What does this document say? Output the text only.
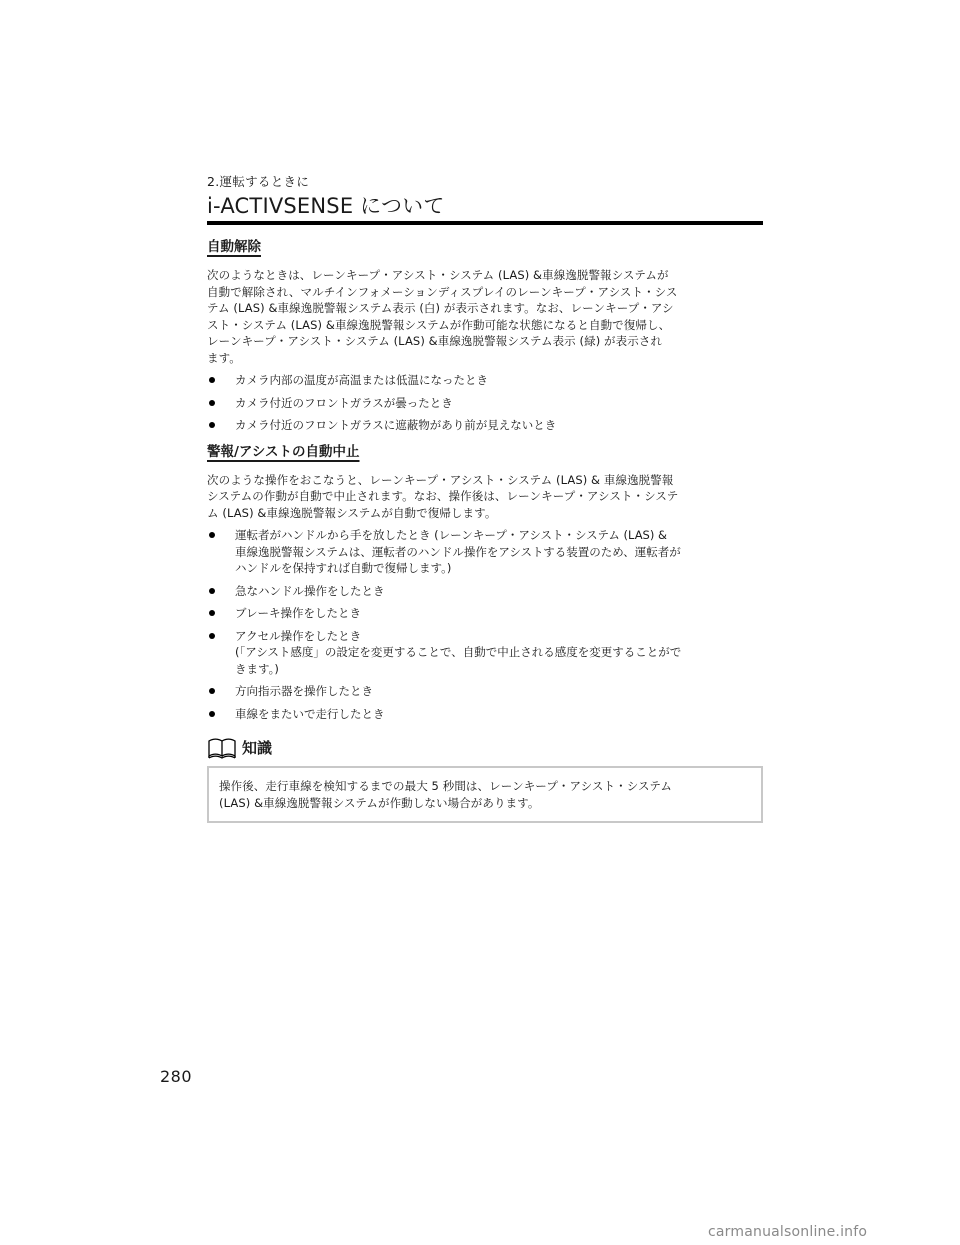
2.運転するときに

i-ACTIVSENSE について
自動解除

次のようなときは、レーンキープ・アシスト・システム (LAS) &車線逸脱警報システムが

自動で解除され、マルチインフォメーションディスプレイのレーンキープ・アシスト・シス

テム (LAS) &車線逸脱警報システム表示 (白) が表示されます。なお、レーンキープ・アシ

スト・システム (LAS) &車線逸脱警報システムが作動可能な状態になると自動で復帰し、

レーンキープ・アシスト・システム (LAS) &車線逸脱警報システム表示 (緑) が表示され

ます。

カメラ内部の温度が高温または低温になったとき
カメラ付近のフロントガラスが曇ったとき
カメラ付近のフロントガラスに遮蔽物があり前が見えないとき
警報/アシストの自動中止

次のような操作をおこなうと、レーンキープ・アシスト・システム (LAS) & 車線逸脱警報

システムの作動が自動で中止されます。なお、操作後は、レーンキープ・アシスト・システ

ム (LAS) &車線逸脱警報システムが自動で復帰します。

運転者がハンドルから手を放したとき (レーンキープ・アシスト・システム (LAS) &
車線逸脱警報システムは、運転者のハンドル操作をアシストする装置のため、運転者が
ハンドルを保持すれば自動で復帰します。)
急なハンドル操作をしたとき
ブレーキ操作をしたとき
アクセル操作をしたとき
(「アシスト感度」の設定を変更することで、自動で中止される感度を変更することがで
きます。)
方向指示器を操作したとき
車線をまたいで走行したとき
知識

操作後、走行車線を検知するまでの最大 5 秒間は、レーンキープ・アシスト・システム

(LAS) &車線逸脱警報システムが作動しない場合があります。

280
carmanualsonline.info
